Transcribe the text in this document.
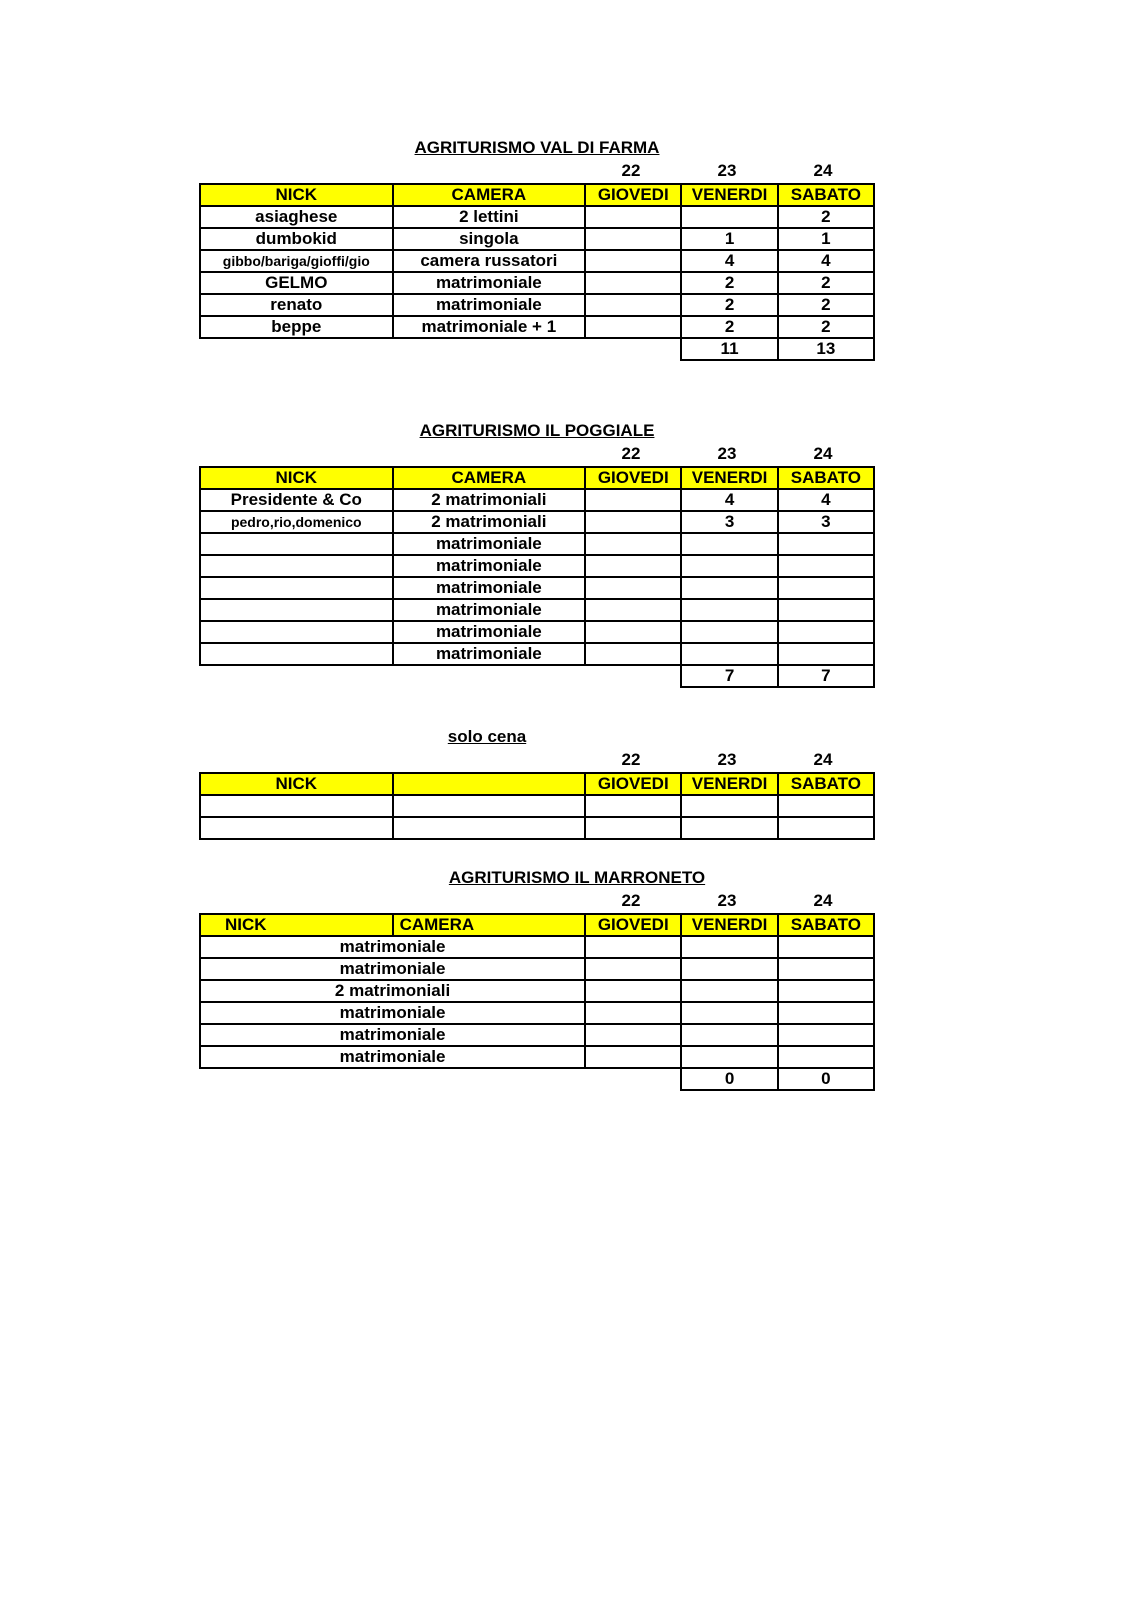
AGRITURISMO VAL DI FARMA
22	23	24
NICK	CAMERA	GIOVEDI	VENERDI	SABATO
asiaghese	2 lettini			2
dumbokid	singola		1	1
gibbo/bariga/gioffi/gio	camera russatori		4	4
GELMO	matrimoniale		2	2
renato	matrimoniale		2	2
beppe	matrimoniale + 1		2	2
			11	13
AGRITURISMO IL POGGIALE
22	23	24
NICK	CAMERA	GIOVEDI	VENERDI	SABATO
Presidente & Co	2 matrimoniali		4	4
pedro,rio,domenico	2 matrimoniali		3	3
	matrimoniale			
	matrimoniale			
	matrimoniale			
	matrimoniale			
	matrimoniale			
	matrimoniale			
			7	7
solo cena
22	23	24
NICK		GIOVEDI	VENERDI	SABATO

AGRITURISMO IL MARRONETO
22	23	24
NICK	CAMERA	GIOVEDI	VENERDI	SABATO
matrimoniale				
matrimoniale				
2 matrimoniali				
matrimoniale				
matrimoniale				
matrimoniale				
			0	0
